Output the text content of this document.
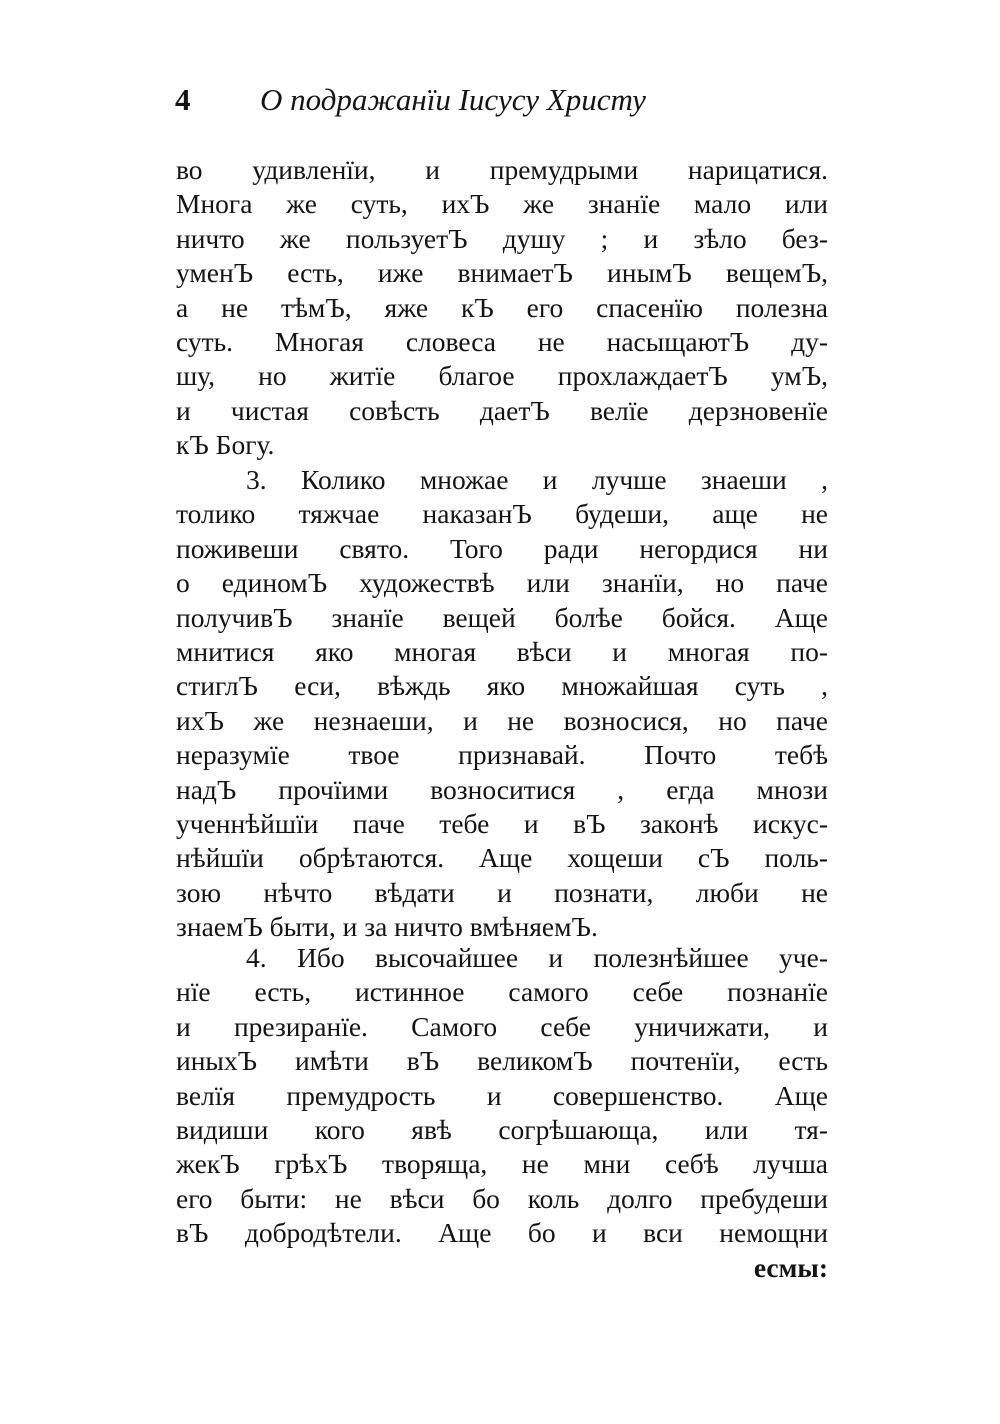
4 О подражанїи Іисусу Христу
во удивленїи, и премудрыми нарицатися.
Многа же суть, ихЪ же знанїе мало или
ничто же пользуетЪ душу ; и зѣло без-
уменЪ есть, иже внимаетЪ инымЪ вещемЪ,
а не тѣмЪ, яже кЪ его спасенїю полезна
суть. Многая словеса не насыщаютЪ ду-
шу, но житїе благое прохлаждаетЪ умЪ,
и чистая совѣсть даетЪ велїе дерзновенїе
кЪ Богу.
3. Колико множае и лучше знаеши ,
толико тяжчае наказанЪ будеши, аще не
поживеши свято. Того ради негордися ни
о единомЪ художествѣ или знанїи, но паче
получивЪ знанїе вещей болѣе бойся. Аще
мнитися яко многая вѣси и многая по-
стиглЪ еси, вѣждь яко множайшая суть ,
ихЪ же незнаеши, и не возносися, но паче
неразумїе твое признавай. Почто тебѣ
надЪ прочїими возноситися , егда мнози
ученнѣйшїи паче тебе и вЪ законѣ искус-
нѣйшїи обрѣтаются. Аще хощеши сЪ поль-
зою нѣчто вѣдати и познати, люби не
знаемЪ быти, и за ничто вмѣняемЪ.
4. Ибо высочайшее и полезнѣйшее уче-
нїе есть, истинное самого себе познанїе
и презиранїе. Самого себе уничижати, и
иныхЪ имѣти вЪ великомЪ почтенїи, есть
велїя премудрость и совершенство. Аще
видиши кого явѣ согрѣшающа, или тя-
жекЪ грѣхЪ творяща, не мни себѣ лучша
его быти: не вѣси бо коль долго пребудеши
вЪ добродѣтели. Аще бо и вси немощни
есмы:
